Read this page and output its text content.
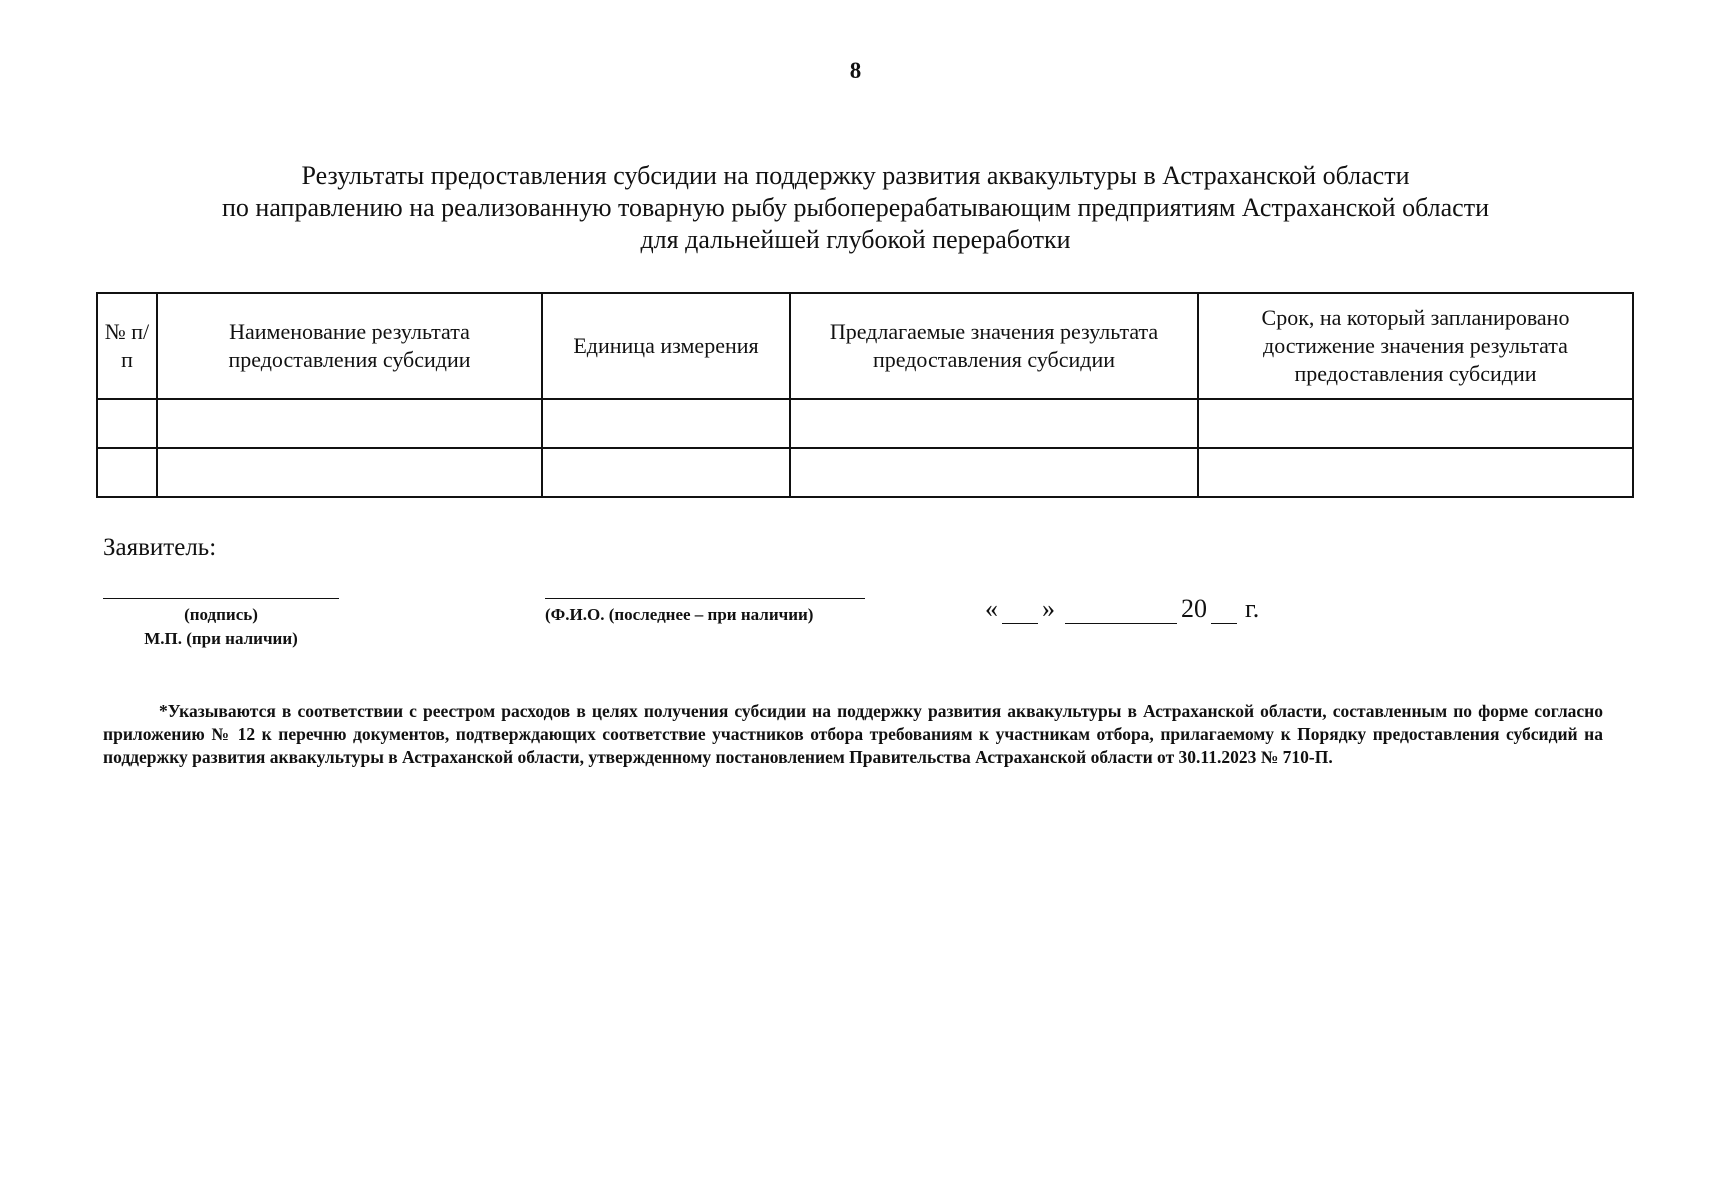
8
Результаты предоставления субсидии на поддержку развития аквакультуры в Астраханской области
по направлению на реализованную товарную рыбу рыбоперерабатывающим предприятиям Астраханской области
для дальнейшей глубокой переработки
№ п/п	Наименование результата предоставления субсидии	Единица измерения	Предлагаемые значения результата предоставления субсидии	Срок, на который запланировано достижение значения результата предоставления субсидии

Заявитель:
(подпись)
М.П. (при наличии)
(Ф.И.О. (последнее – при наличии)	« »	20 г.
*Указываются в соответствии с реестром расходов в целях получения субсидии на поддержку развития аквакультуры в Астраханской области, составленным по форме согласно приложению № 12 к перечню документов, подтверждающих соответствие участников отбора требованиям к участникам отбора, прилагаемому к Порядку предоставления субсидий на поддержку развития аквакультуры в Астраханской области, утвержденному постановлением Правительства Астраханской области от 30.11.2023 № 710-П.
